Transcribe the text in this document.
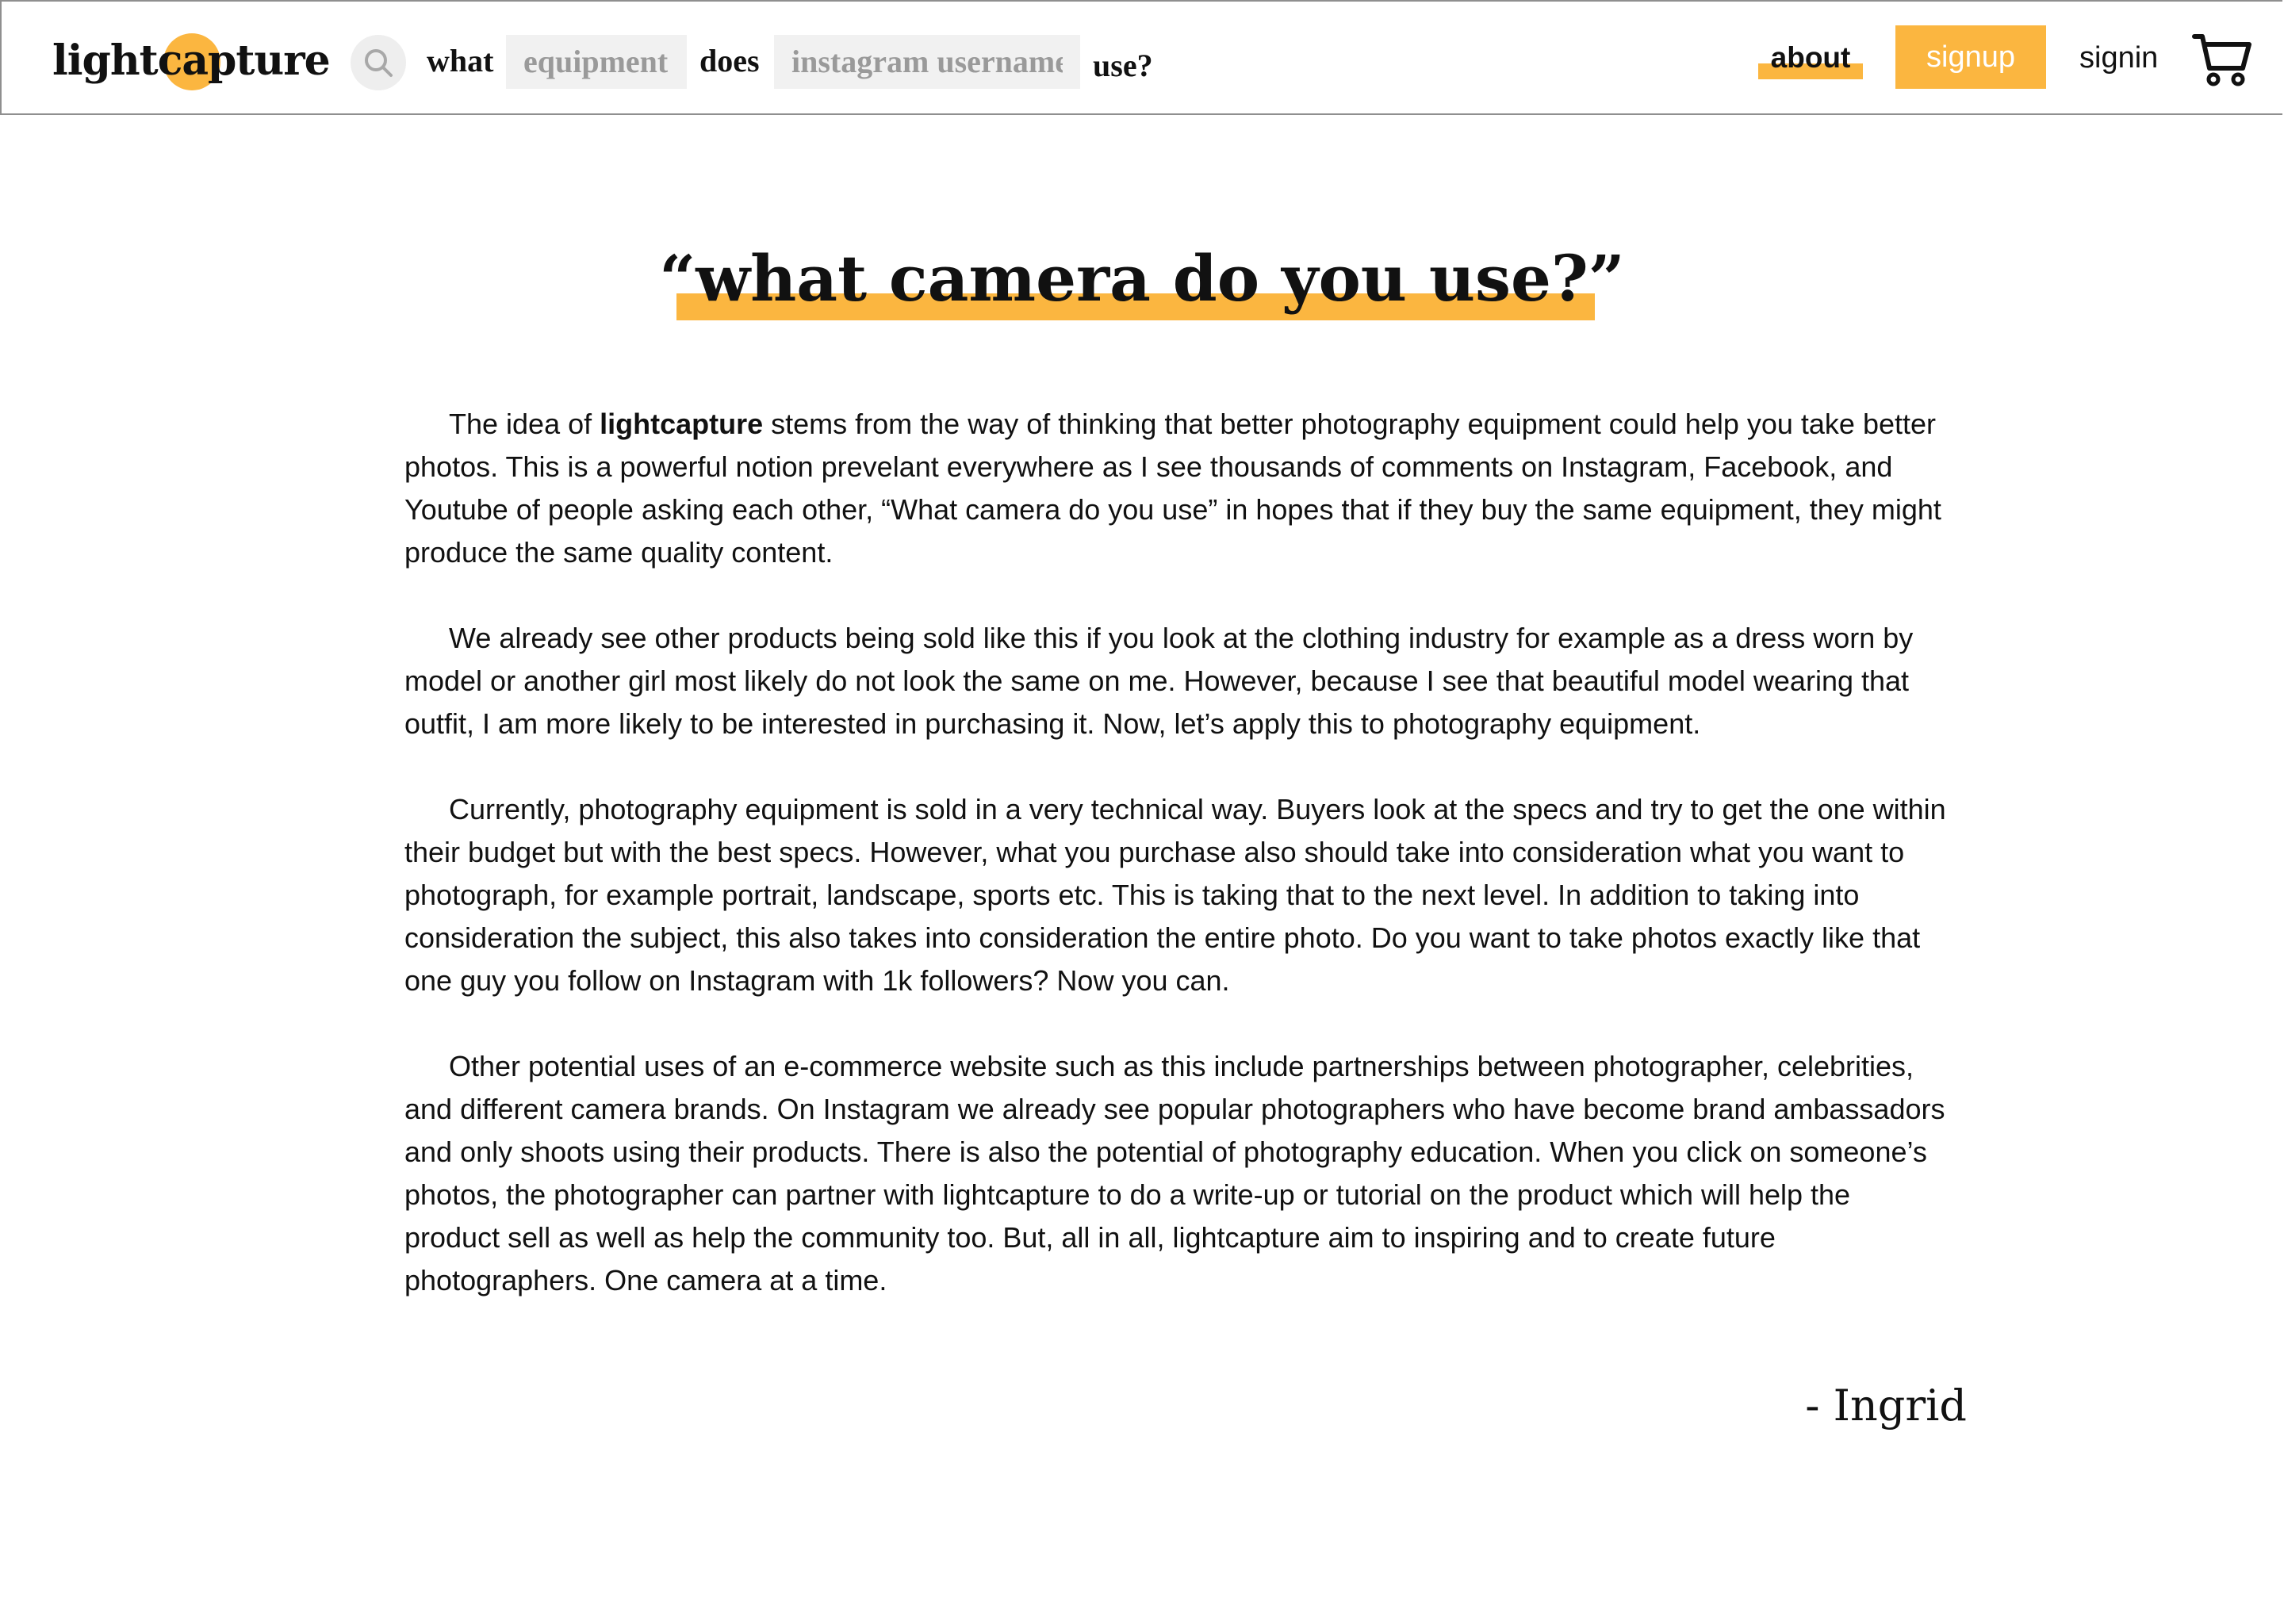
lightcapture	what
equipment	does
instagram username	use?	about	signup	signin
“what camera do you use?”

The idea of lightcapture stems from the way of thinking that better photography equipment could help you take better photos. This is a powerful notion prevelant everywhere as I see thousands of comments on Instagram, Facebook, and Youtube of people asking each other, “What camera do you use” in hopes that if they buy the same equipment, they might produce the same quality content.

We already see other products being sold like this if you look at the clothing industry for example as a dress worn by model or another girl most likely do not look the same on me. However, because I see that beautiful model wearing that outfit, I am more likely to be interested in purchasing it. Now, let’s apply this to photography equipment.

Currently, photography equipment is sold in a very technical way. Buyers look at the specs and try to get the one within their budget but with the best specs. However, what you purchase also should take into consideration what you want to photograph, for example portrait, landscape, sports etc. This is taking that to the next level. In addition to taking into consideration the subject, this also takes into consideration the entire photo. Do you want to take photos exactly like that one guy you follow on Instagram with 1k followers? Now you can.

Other potential uses of an e-commerce website such as this include partnerships between photographer, celebrities, and different camera brands. On Instagram we already see popular photographers who have become brand ambassadors and only shoots using their products. There is also the potential of photography education. When you click on someone’s photos, the photographer can partner with lightcapture to do a write-up or tutorial on the product which will help the product sell as well as help the community too. But, all in all, lightcapture aim to inspiring and to create future photographers. One camera at a time.

- Ingrid
